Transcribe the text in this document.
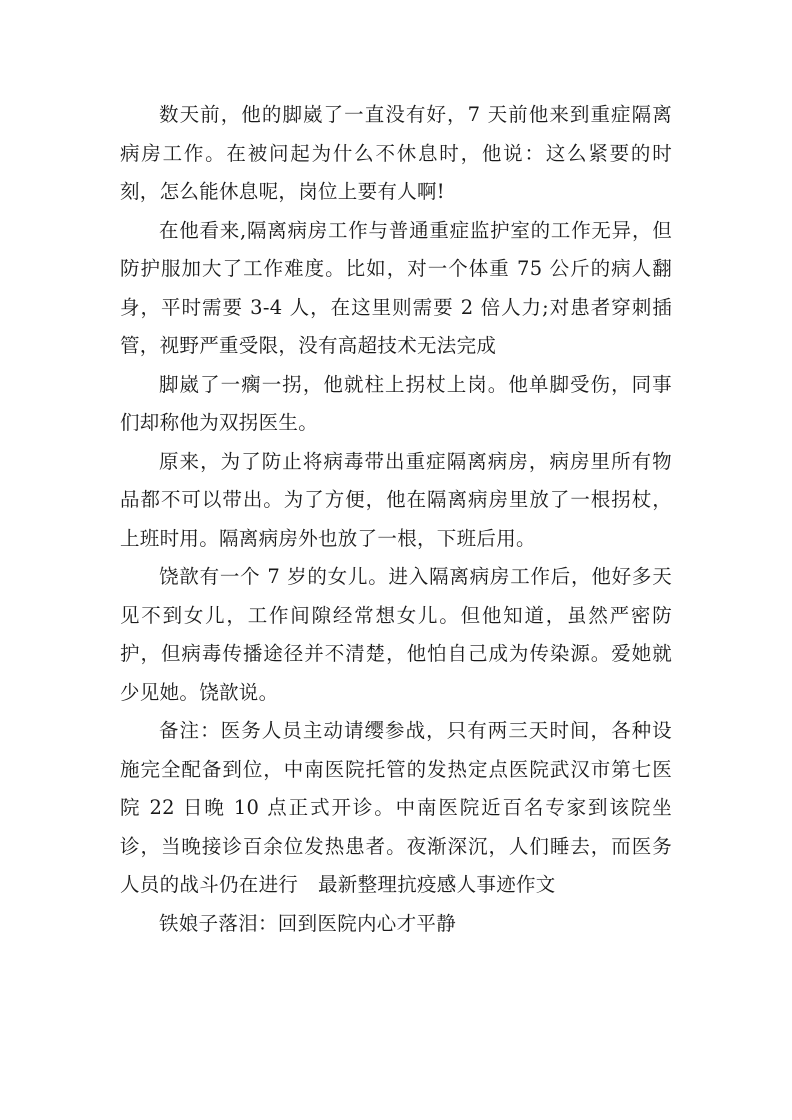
数天前，他的脚崴了一直没有好，7 天前他来到重症隔离病房工作。在被问起为什么不休息时，他说：这么紧要的时刻，怎么能休息呢，岗位上要有人啊!

在他看来,隔离病房工作与普通重症监护室的工作无异，但防护服加大了工作难度。比如，对一个体重 75 公斤的病人翻身，平时需要 3-4 人，在这里则需要 2 倍人力;对患者穿刺插管，视野严重受限，没有高超技术无法完成

脚崴了一瘸一拐，他就柱上拐杖上岗。他单脚受伤，同事们却称他为双拐医生。

原来，为了防止将病毒带出重症隔离病房，病房里所有物品都不可以带出。为了方便，他在隔离病房里放了一根拐杖，上班时用。隔离病房外也放了一根，下班后用。

饶歆有一个 7 岁的女儿。进入隔离病房工作后，他好多天见不到女儿，工作间隙经常想女儿。但他知道，虽然严密防护，但病毒传播途径并不清楚，他怕自己成为传染源。爱她就少见她。饶歆说。

备注：医务人员主动请缨参战，只有两三天时间，各种设施完全配备到位，中南医院托管的发热定点医院武汉市第七医院 22 日晚 10 点正式开诊。中南医院近百名专家到该院坐诊，当晚接诊百余位发热患者。夜渐深沉，人们睡去，而医务人员的战斗仍在进行　最新整理抗疫感人事迹作文

铁娘子落泪：回到医院内心才平静
